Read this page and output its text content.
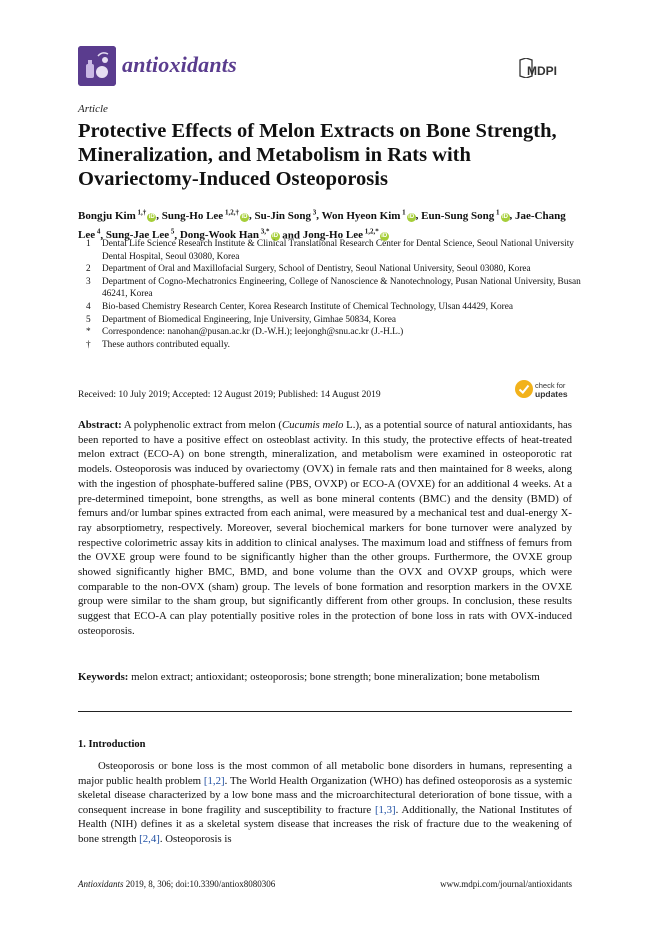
antioxidants	MDPI
Article
Protective Effects of Melon Extracts on Bone Strength, Mineralization, and Metabolism in Rats with Ovariectomy-Induced Osteoporosis
Bongju Kim $^{1,\dagger}$iD , Sung-Ho Lee $^{1,2,\dagger}$iD , Su-Jin Song $^3$, Won Hyeon Kim $^1$iD , Eun-Sung Song $^1$iD , Jae-Chang Lee $^4$, Sung-Jae Lee $^5$, Dong-Wook Han $^{3,*}$iD and Jong-Ho Lee $^{1,2,*}$iD
1 Dental Life Science Research Institute & Clinical Translational Research Center for Dental Science, Seoul National University Dental Hospital, Seoul 03080, Korea
2 Department of Oral and Maxillofacial Surgery, School of Dentistry, Seoul National University, Seoul 03080, Korea
3 Department of Cogno-Mechatronics Engineering, College of Nanoscience & Nanotechnology, Pusan National University, Busan 46241, Korea
4 Bio-based Chemistry Research Center, Korea Research Institute of Chemical Technology, Ulsan 44429, Korea
5 Department of Biomedical Engineering, Inje University, Gimhae 50834, Korea
* Correspondence: nanohan@pusan.ac.kr (D.-W.H.); leejongh@snu.ac.kr (J.-H.L.)
† These authors contributed equally.
Received: 10 July 2019; Accepted: 12 August 2019; Published: 14 August 2019
check for
updates

Abstract: A polyphenolic extract from melon (Cucumis melo L.), as a potential source of natural antioxidants, has been reported to have a positive effect on osteoblast activity. In this study, the protective effects of heat-treated melon extract (ECO-A) on bone strength, mineralization, and metabolism were examined in osteoporotic rat models. Osteoporosis was induced by ovariectomy (OVX) in female rats and then maintained for 8 weeks, along with the ingestion of phosphate-buffered saline (PBS, OVXP) or ECO-A (OVXE) for an additional 4 weeks. At a pre-determined timepoint, bone strengths, as well as bone mineral contents (BMC) and the density (BMD) of femurs and/or lumbar spines extracted from each animal, were measured by a mechanical test and dual-energy X-ray absorptiometry, respectively. Moreover, several biochemical markers for bone turnover were analyzed by respective colorimetric assay kits in addition to clinical analyses. The maximum load and stiffness of femurs from the OVXE group were found to be significantly higher than the other groups. Furthermore, the OVXE group showed significantly higher BMC, BMD, and bone volume than the OVX and OVXP groups, which were comparable to the non-OVX (sham) group. The levels of bone formation and resorption markers in the OVXE group were similar to the sham group, but significantly different from other groups. In conclusion, these results suggest that ECO-A can play potentially positive roles in the protection of bone loss in rats with OVX-induced osteoporosis.

Keywords: melon extract; antioxidant; osteoporosis; bone strength; bone mineralization; bone metabolism

1. Introduction

Osteoporosis or bone loss is the most common of all metabolic bone disorders in humans, representing a major public health problem [1,2]. The World Health Organization (WHO) has defined osteoporosis as a systemic skeletal disease characterized by a low bone mass and the microarchitectural deterioration of bone tissue, with a consequent increase in bone fragility and susceptibility to fracture [1,3]. Additionally, the National Institutes of Health (NIH) defines it as a skeletal system disease that increases the risk of fracture due to the weakening of bone strength [2,4]. Osteoporosis is

Antioxidants 2019, 8, 306; doi:10.3390/antiox8080306	www.mdpi.com/journal/antioxidants
